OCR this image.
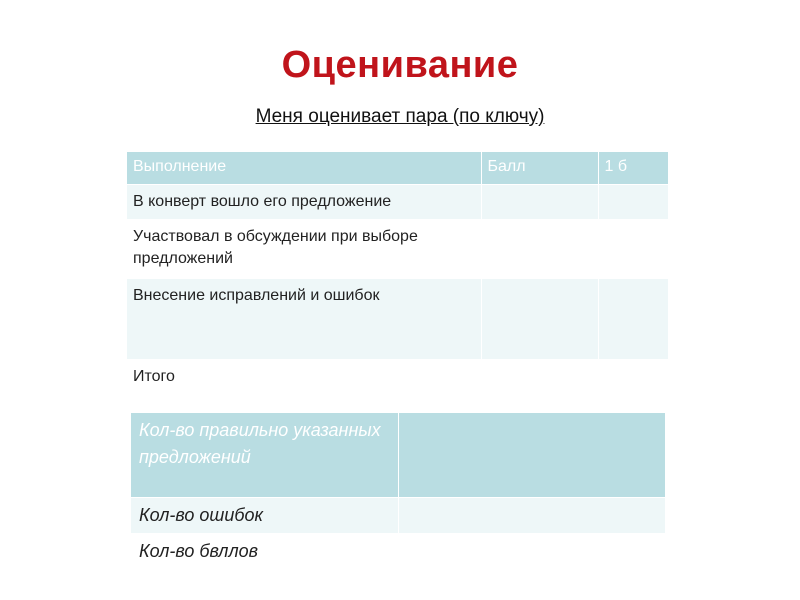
Оценивание
Меня оценивает пара (по ключу)
Выполнение	Балл	1 б
В конверт вошло его предложение		
Участвовал в обсуждении при выборе предложений		
Внесение исправлений и ошибок		
Итого	

Кол-во правильно указанных предложений	
Кол-во ошибок	
Кол-во бвллов	
